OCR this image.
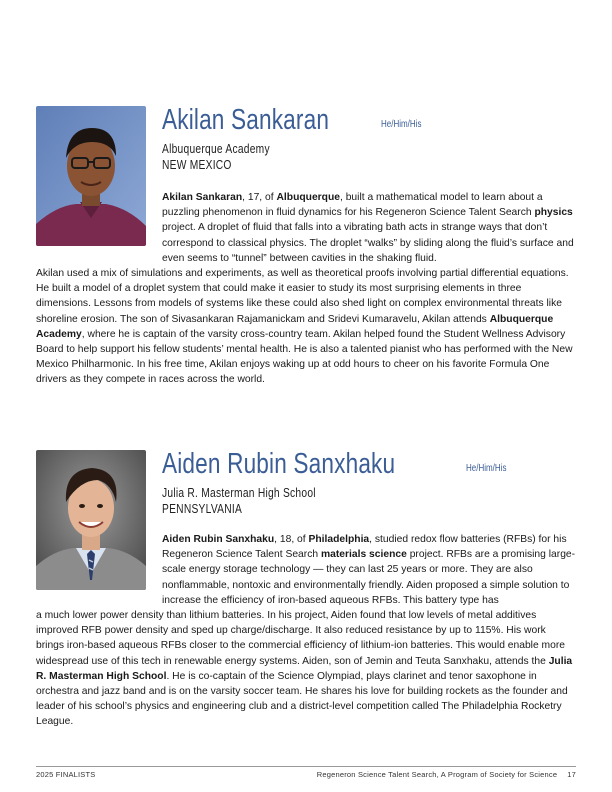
Akilan Sankaran	He/Him/His
Albuquerque Academy
NEW MEXICO
Akilan Sankaran, 17, of Albuquerque, built a mathematical model to learn about a puzzling phenomenon in fluid dynamics for his Regeneron Science Talent Search physics project. A droplet of fluid that falls into a vibrating bath acts in strange ways that don’t correspond to classical physics. The droplet “walks” by sliding along the fluid’s surface and even seems to “tunnel” between cavities in the shaking fluid.
Akilan used a mix of simulations and experiments, as well as theoretical proofs involving partial differential equations. He built a model of a droplet system that could make it easier to study its most surprising elements in three dimensions. Lessons from models of systems like these could also shed light on complex environmental threats like shoreline erosion. The son of Sivasankaran Rajamanickam and Sridevi Kumaravelu, Akilan attends Albuquerque Academy, where he is captain of the varsity cross-country team. Akilan helped found the Student Wellness Advisory Board to help support his fellow students’ mental health. He is also a talented pianist who has performed with the New Mexico Philharmonic. In his free time, Akilan enjoys waking up at odd hours to cheer on his favorite Formula One drivers as they compete in races across the world.
Aiden Rubin Sanxhaku	He/Him/His
Julia R. Masterman High School
PENNSYLVANIA
Aiden Rubin Sanxhaku, 18, of Philadelphia, studied redox flow batteries (RFBs) for his Regeneron Science Talent Search materials science project. RFBs are a promising large-scale energy storage technology — they can last 25 years or more. They are also nonflammable, nontoxic and environmentally friendly. Aiden proposed a simple solution to increase the efficiency of iron-based aqueous RFBs. This battery type has
a much lower power density than lithium batteries. In his project, Aiden found that low levels of metal additives improved RFB power density and sped up charge/discharge. It also reduced resistance by up to 115%. His work brings iron-based aqueous RFBs closer to the commercial efficiency of lithium-ion batteries. This would enable more widespread use of this tech in renewable energy systems. Aiden, son of Jemin and Teuta Sanxhaku, attends the Julia R. Masterman High School. He is co-captain of the Science Olympiad, plays clarinet and tenor saxophone in orchestra and jazz band and is on the varsity soccer team. He shares his love for building rockets as the founder and leader of his school’s physics and engineering club and a district-level competition called The Philadelphia Rocketry League.
2025 FINALISTS	Regeneron Science Talent Search, A Program of Society for Science 17
